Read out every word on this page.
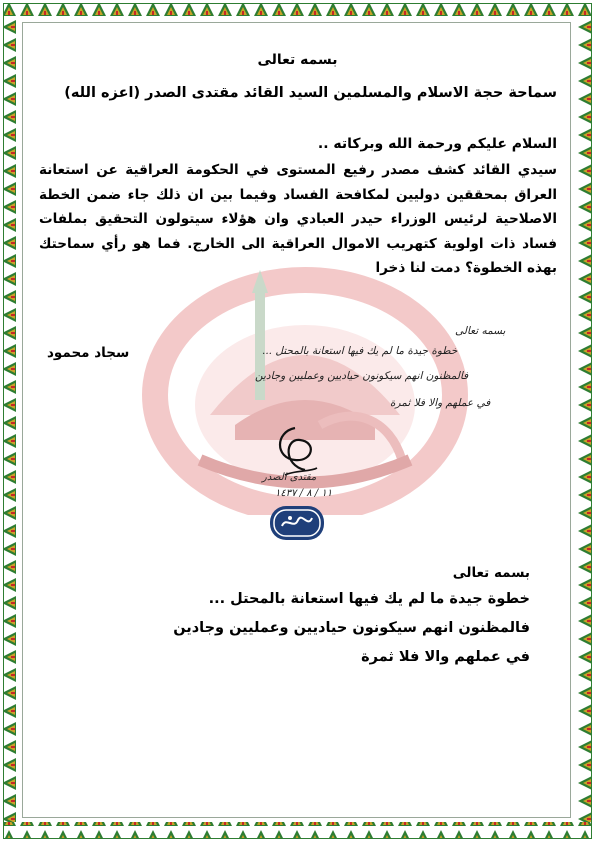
بسمه تعالى
سماحة حجة الاسلام والمسلمين السيد القائد مقتدى الصدر (اعزه الله)
السلام عليكم ورحمة الله وبركاته ..
سيدي القائد كشف مصدر رفيع المستوى في الحكومة العراقية عن استعانة العراق بمحققين دوليين لمكافحة الفساد وفيما بين ان ذلك جاء ضمن الخطة الاصلاحية لرئيس الوزراء حيدر العبادي وان هؤلاء سيتولون التحقيق بملفات فساد ذات اولوية كتهريب الاموال العراقية الى الخارج. فما هو رأي سماحتك بهذه الخطوة؟ دمت لنا ذخرا
سجاد محمود
بسمه تعالى
خطوة جيدة ما لم يك فيها استعانة بالمحتل ...
فالمظنون انهم سيكونون حياديين وعمليين وجادين
في عملهم والا فلا ثمرة
مقتدى الصدر
١١ / ٨ / ١٤٣٧
بسمه تعالى
خطوة جيدة ما لم يك فيها استعانة بالمحتل ...
فالمظنون انهم سيكونون حياديين وعمليين وجادين
في عملهم والا فلا ثمرة
